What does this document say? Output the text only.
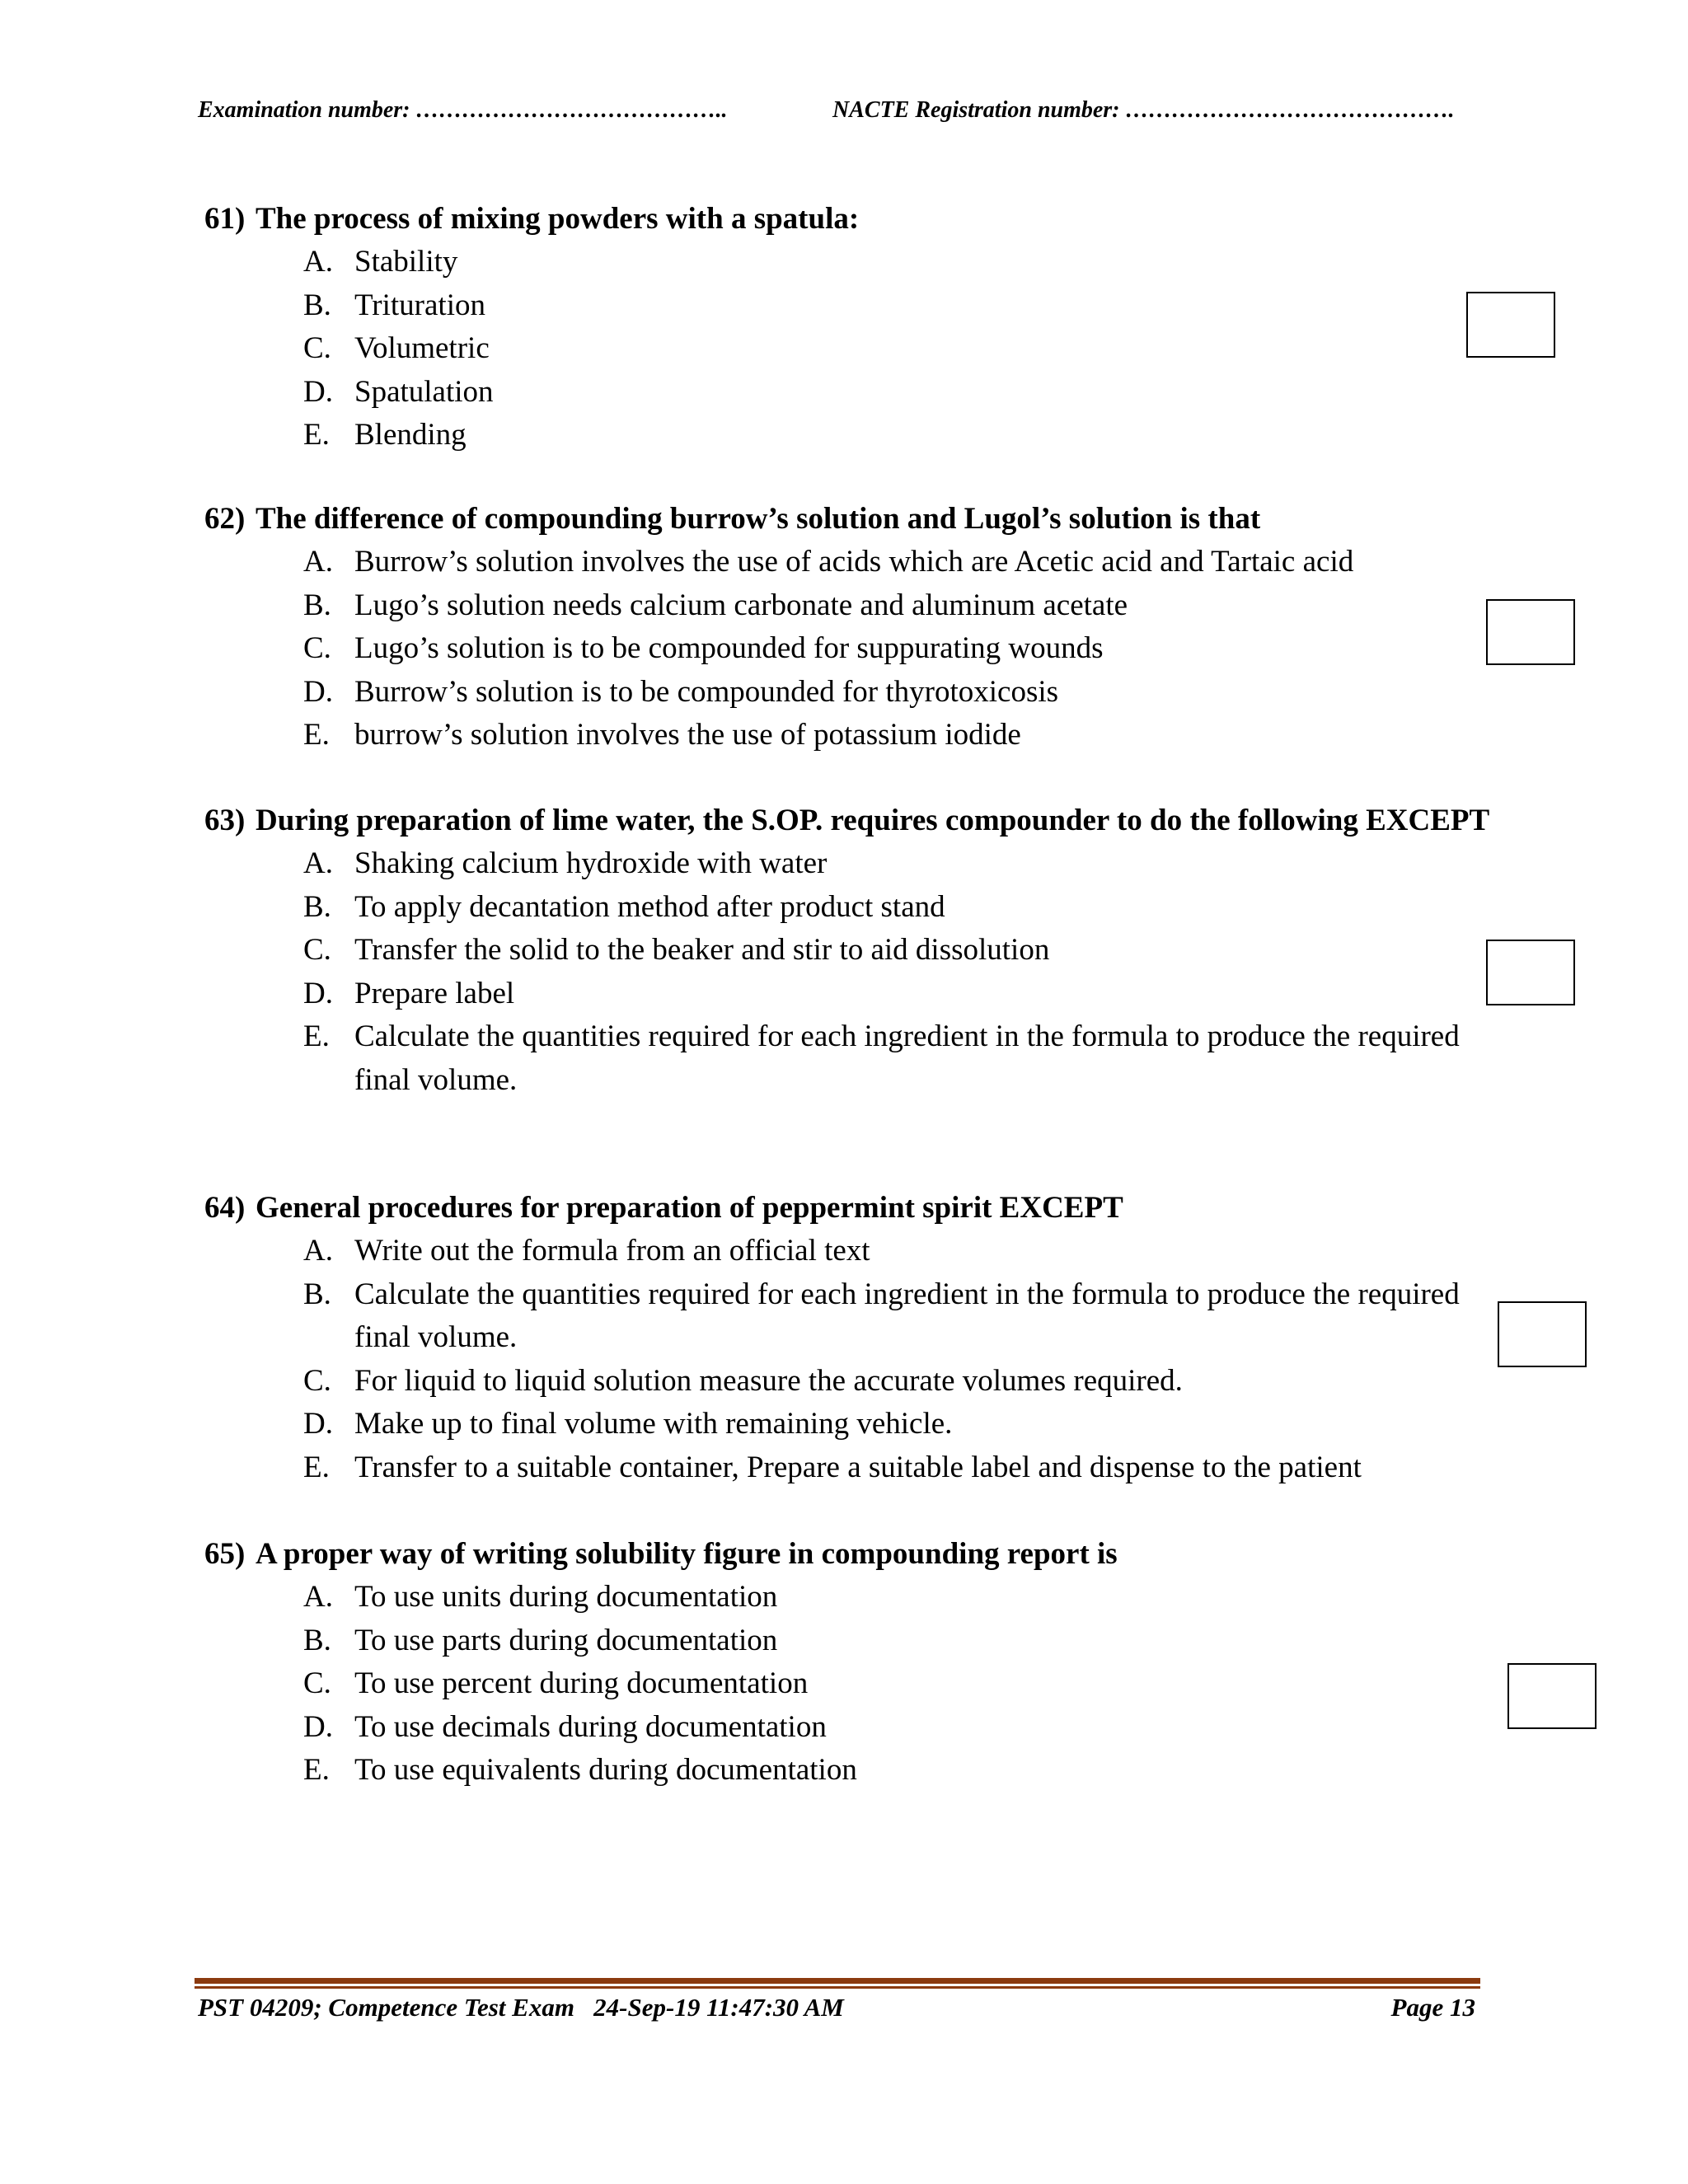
Examination number: …………………………………..	NACTE Registration number: …………………………………….
61) The process of mixing powders with a spatula:
A. Stability
B. Trituration
C. Volumetric
D. Spatulation
E. Blending
62) The difference of compounding burrow’s solution and Lugol’s solution is that
A. Burrow’s solution involves the use of acids which are Acetic acid and Tartaic acid
B. Lugo’s solution needs calcium carbonate and aluminum acetate
C. Lugo’s solution is to be compounded for suppurating wounds
D. Burrow’s solution is to be compounded for thyrotoxicosis
E. burrow’s solution involves the use of potassium iodide
63) During preparation of lime water, the S.OP. requires compounder to do the following EXCEPT
A. Shaking calcium hydroxide with water
B. To apply decantation method after product stand
C. Transfer the solid to the beaker and stir to aid dissolution
D. Prepare label
E. Calculate the quantities required for each ingredient in the formula to produce the required final volume.
64) General procedures for preparation of peppermint spirit EXCEPT
A. Write out the formula from an official text
B. Calculate the quantities required for each ingredient in the formula to produce the required final volume.
C. For liquid to liquid solution measure the accurate volumes required.
D. Make up to final volume with remaining vehicle.
E. Transfer to a suitable container, Prepare a suitable label and dispense to the patient
65) A proper way of writing solubility figure in compounding report is
A. To use units during documentation
B. To use parts during documentation
C. To use percent during documentation
D. To use decimals during documentation
E. To use equivalents during documentation
PST 04209; Competence Test Exam   24-Sep-19 11:47:30 AM	Page 13
